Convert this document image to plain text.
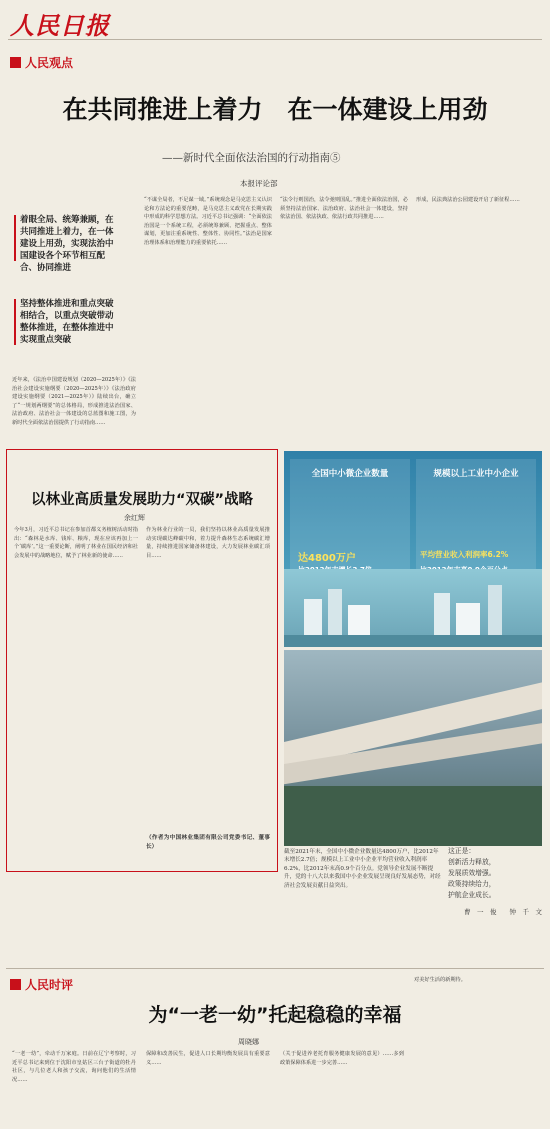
人民日报
人民观点
在共同推进上着力　在一体建设上用劲
——新时代全面依法治国的行动指南⑤
本报评论部
着眼全局、统筹兼顾，在共同推进上着力，在一体建设上用劲，实现法治中国建设各个环节相互配合、协同推进
坚持整体推进和重点突破相结合，以重点突破带动整体推进，在整体推进中实现重点突破
近年来，《法治中国建设规划（2020—2025年）》《法治社会建设实施纲要（2020—2025年）》《法治政府建设实施纲要（2021—2025年）》陆续出台，确立了“一规划两纲要”的总体格局，形成推进法治国家、法治政府、法治社会一体建设的总蓝图和施工图，为新时代全面依法治国提供了行动指南……
“不谋全局者，不足谋一域。”系统观念是马克思主义认识论和方法论的重要范畴，是马克思主义政党在长期实践中形成的科学思想方法。习近平总书记强调：“全面依法治国是一个系统工程，必须统筹兼顾、把握重点、整体谋划，更加注重系统性、整体性、协同性。”法治是国家治理体系和治理能力的重要依托……
“法令行则国治，法令弛则国乱。”推进全面依法治国，必须坚持法治国家、法治政府、法治社会一体建设，坚持依法治国、依法执政、依法行政共同推进……
形成，民法典法治公园建设开启了新征程……
以林业高质量发展助力“双碳”战略
余红辉
今年3月，习近平总书记在参加首都义务植树活动时指出：“森林是水库、钱库、粮库，现在应该再加上一个‘碳库’。”这一重要论断，阐明了林业在国民经济和社会发展中的战略地位，赋予了林业新的使命……
作为林业行业的一员，我们坚持以林业高质量发展推动实现碳达峰碳中和，着力提升森林生态系统碳汇增量，持续推进国家储备林建设，大力发展林业碳汇项目……
（作者为中国林业集团有限公司党委书记、董事长）
全国中小微企业数量
达4800万户
规模以上工业中小企业
平均营业收入利润率6.2%
截至2021年末，全国中小微企业数量达4800万户，比2012年末增长2.7倍；规模以上工业中小企业平均营业收入利润率6.2%，比2012年末高0.9个百分点。党领导企业发展不断提升，党的十八大以来我国中小企业发展呈现良好发展态势，对经济社会发展贡献日益突出。
这正是：
创新活力释放，
发展质效增强。
政策持续给力，
护航企业成长。
曹　一　俊　　钟　千　文
人民时评
为“一老一幼”托起稳稳的幸福
周晓娜
“一老一幼”，牵动千万家庭。日前在辽宁考察时，习近平总书记来到位于沈阳市皇姑区三台子街道的牡丹社区，与几位老人和孩子交流，询问他们的生活情况……
保障和改善民生，促进人口长期均衡发展具有重要意义……
（关于促进养老托育服务健康发展的意见）……多到政策保障体系进一步完善……
对美好生活的新期待。
